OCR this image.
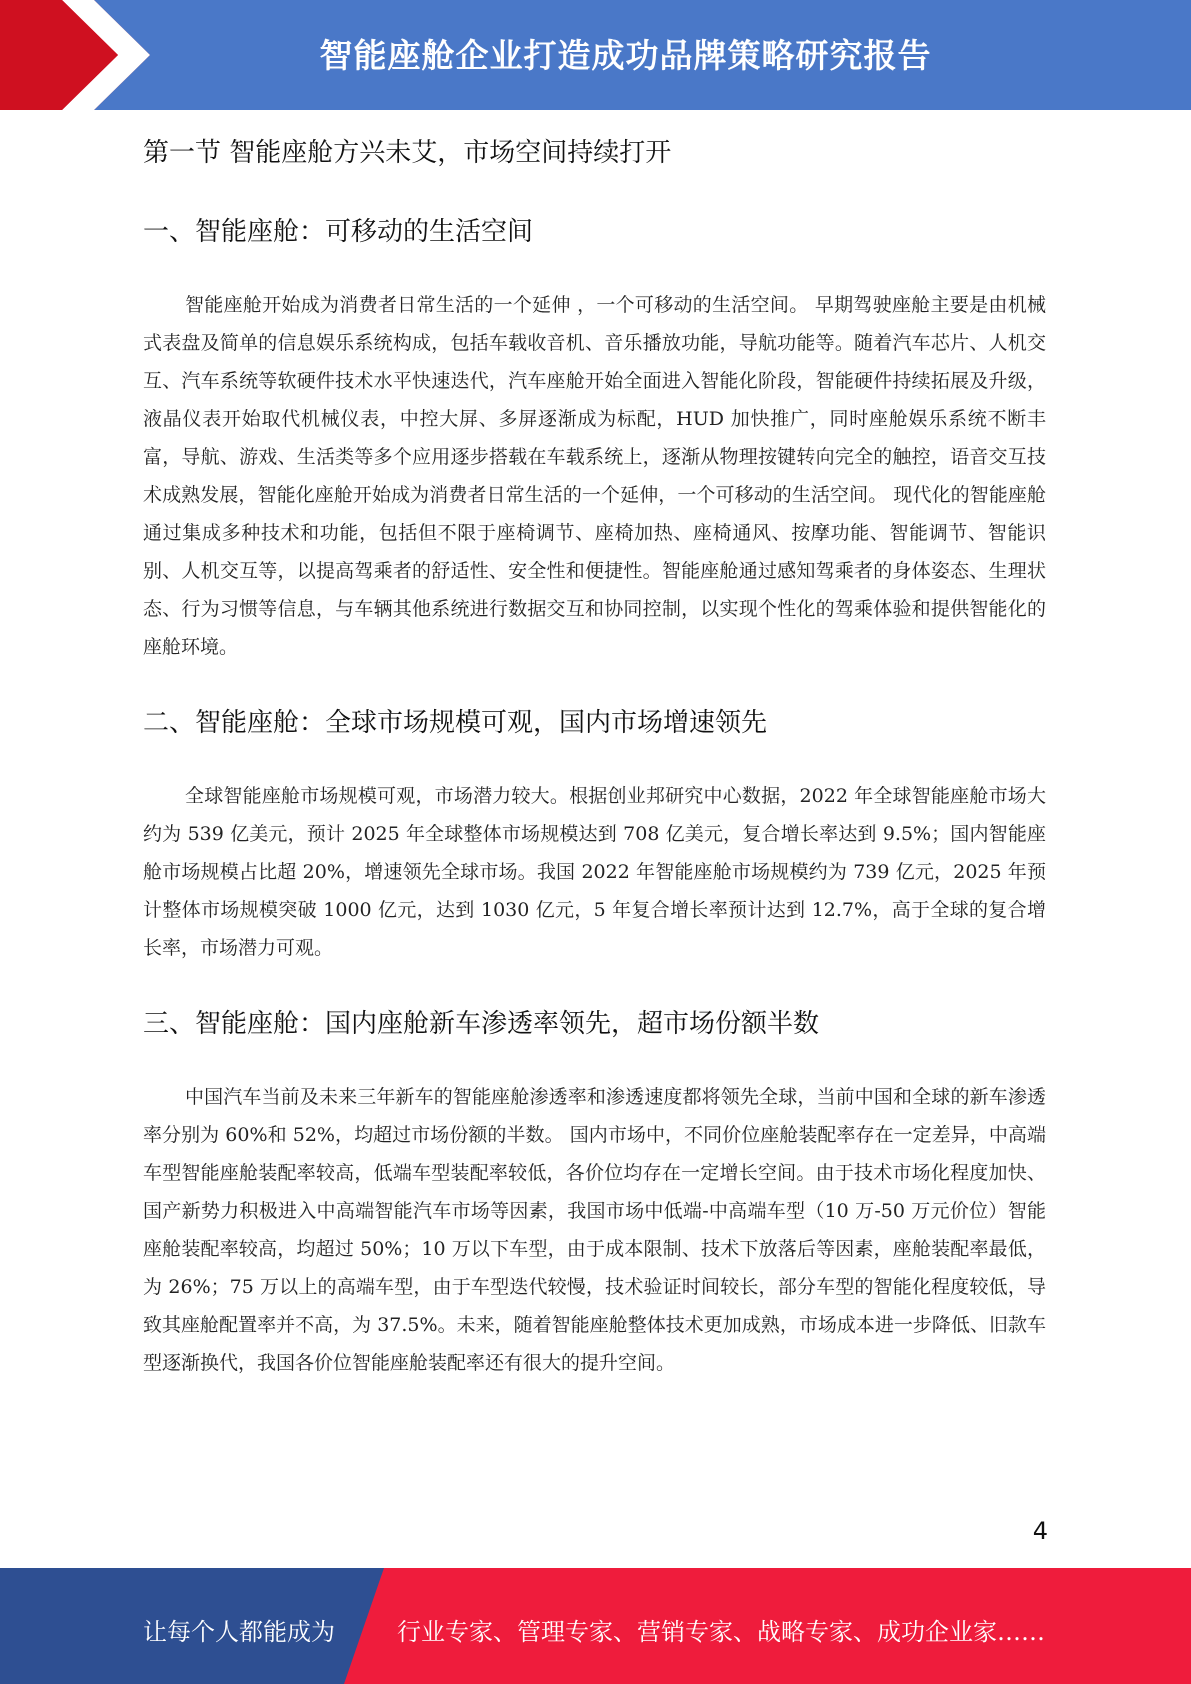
智能座舱企业打造成功品牌策略研究报告
第一节 智能座舱方兴未艾，市场空间持续打开
一、智能座舱：可移动的生活空间

智能座舱开始成为消费者日常生活的一个延伸 ，一个可移动的生活空间。 早期驾驶座舱主要是由机械式表盘及简单的信息娱乐系统构成，包括车载收音机、音乐播放功能，导航功能等。随着汽车芯片、人机交互、汽车系统等软硬件技术水平快速迭代，汽车座舱开始全面进入智能化阶段，智能硬件持续拓展及升级，液晶仪表开始取代机械仪表，中控大屏、多屏逐渐成为标配，HUD 加快推广，同时座舱娱乐系统不断丰富，导航、游戏、生活类等多个应用逐步搭载在车载系统上，逐渐从物理按键转向完全的触控，语音交互技术成熟发展，智能化座舱开始成为消费者日常生活的一个延伸，一个可移动的生活空间。 现代化的智能座舱通过集成多种技术和功能，包括但不限于座椅调节、座椅加热、座椅通风、按摩功能、智能调节、智能识别、人机交互等，以提高驾乘者的舒适性、安全性和便捷性。智能座舱通过感知驾乘者的身体姿态、生理状态、行为习惯等信息，与车辆其他系统进行数据交互和协同控制，以实现个性化的驾乘体验和提供智能化的座舱环境。

二、智能座舱：全球市场规模可观，国内市场增速领先

全球智能座舱市场规模可观，市场潜力较大。根据创业邦研究中心数据，2022 年全球智能座舱市场大约为 539 亿美元，预计 2025 年全球整体市场规模达到 708 亿美元，复合增长率达到 9.5%；国内智能座舱市场规模占比超 20%，增速领先全球市场。我国 2022 年智能座舱市场规模约为 739 亿元，2025 年预计整体市场规模突破 1000 亿元，达到 1030 亿元，5 年复合增长率预计达到 12.7%，高于全球的复合增长率，市场潜力可观。

三、智能座舱：国内座舱新车渗透率领先，超市场份额半数

中国汽车当前及未来三年新车的智能座舱渗透率和渗透速度都将领先全球，当前中国和全球的新车渗透率分别为 60%和 52%，均超过市场份额的半数。 国内市场中，不同价位座舱装配率存在一定差异，中高端车型智能座舱装配率较高，低端车型装配率较低，各价位均存在一定增长空间。由于技术市场化程度加快、国产新势力积极进入中高端智能汽车市场等因素，我国市场中低端-中高端车型（10 万-50 万元价位）智能座舱装配率较高，均超过 50%；10 万以下车型，由于成本限制、技术下放落后等因素，座舱装配率最低，为 26%；75 万以上的高端车型，由于车型迭代较慢，技术验证时间较长，部分车型的智能化程度较低，导致其座舱配置率并不高，为 37.5%。未来，随着智能座舱整体技术更加成熟，市场成本进一步降低、旧款车型逐渐换代，我国各价位智能座舱装配率还有很大的提升空间。

4
让每个人都能成为	行业专家、管理专家、营销专家、战略专家、成功企业家……
